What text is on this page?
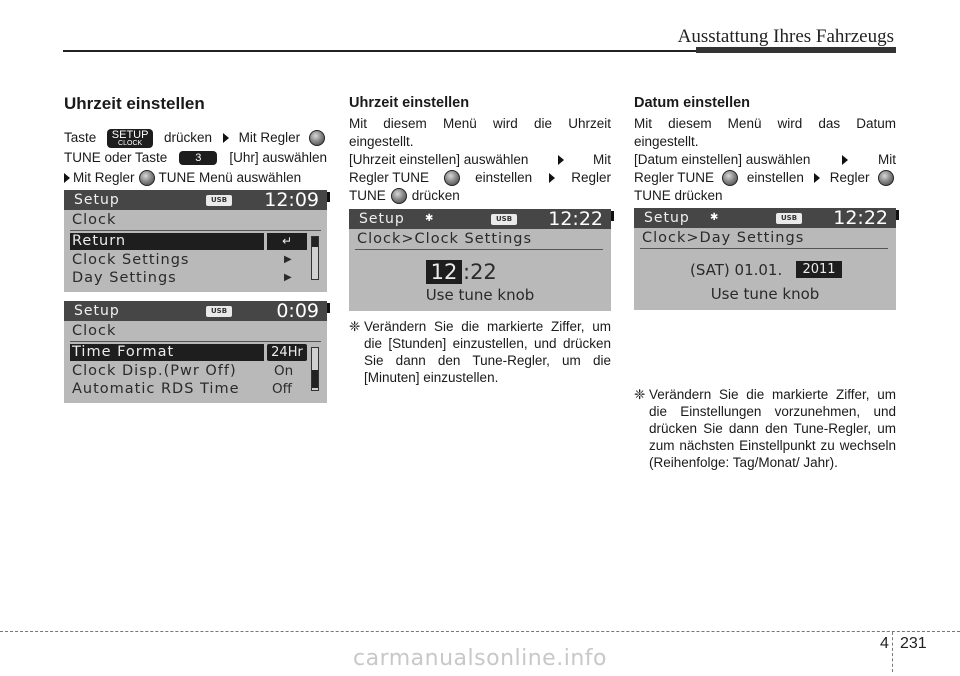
Ausstattung Ihres Fahrzeugs
Uhrzeit einstellen
Taste	SETUP
CLOCK	drücken Mit Regler
TUNE oder Taste	3	[Uhr] auswählen
Mit Regler TUNE Menü auswählen
Setup	USB 12:09
Clock
Return	↵
Clock Settings	▶
Day Settings	▶
Setup	USB	0:09
Clock
Time Format	24Hr
Clock Disp.(Pwr Off)	On
Automatic RDS Time Off
Uhrzeit einstellen
Mit diesem Menü wird die Uhrzeit eingestellt.
[Uhrzeit einstellen] auswählen	Mit
Regler TUNE	einstellen	Regler
TUNE drücken
Setup ✱	USB 12:22
Clock>Clock Settings
12 :22
Use tune knob
❈ Verändern Sie die markierte Ziffer, um die [Stunden] einzustellen, und drücken Sie dann den Tune-Regler, um die [Minuten] einzustellen.
Datum einstellen
Mit diesem Menü wird das Datum eingestellt.
[Datum einstellen] auswählen	Mit
Regler TUNE einstellen Regler
TUNE drücken
Setup ✱	USB 12:22
Clock>Day Settings
(SAT) 01.01.	2011
Use tune knob
❈ Verändern Sie die markierte Ziffer, um die Einstellungen vorzunehmen, und drücken Sie dann den Tune-Regler, um zum nächsten Einstellpunkt zu wechseln (Reihenfolge: Tag/Monat/ Jahr).
4 231
carmanualsonline.info
